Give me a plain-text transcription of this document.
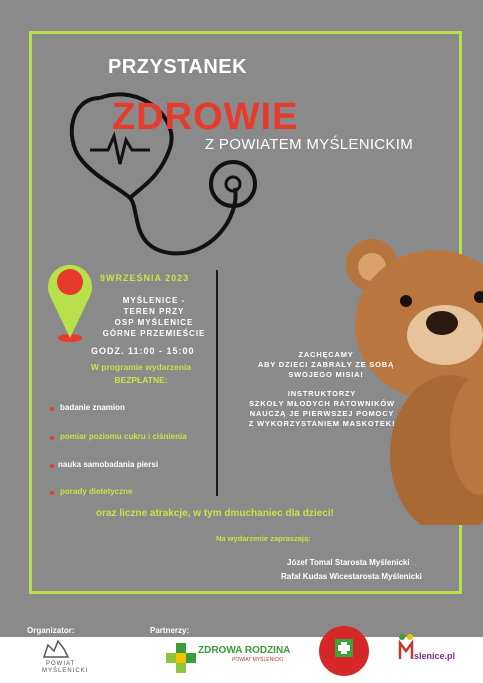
PRZYSTANEK
ZDROWIE
Z POWIATEM MYŚLENICKIM
9WRZEŚNIA 2023
MYŚLENICE -
TEREN PRZY
OSP MYŚLENICE
GÓRNE PRZEMIEŚCIE
GODZ. 11:00 - 15:00
W programie wydarzenia
BEZPŁATNE:
badanie znamion
pomiar poziomu cukru i ciśnienia
nauka samobadania piersi
porady dietetyczne
ZACHĘCAMY
ABY DZIECI ZABRAŁY ZE SOBĄ
SWOJEGO MISIA!
INSTRUKTORZY
SZKOŁY MŁODYCH RATOWNIKÓW
NAUCZĄ JE PIERWSZEJ POMOCY
Z WYKORZYSTANIEM MASKOTEK!
oraz liczne atrakcje, w tym dmuchaniec dla dzieci!
Na wydarzenie zapraszają:
Józef Tomal Starosta Myślenicki
Rafał Kudas Wicestarosta Myślenicki
Organizator:	Partnerzy:
POWIAT
MYŚLENICKI
ZDROWA RODZINA
POWIAT MYŚLENICKI	slenice.pl
